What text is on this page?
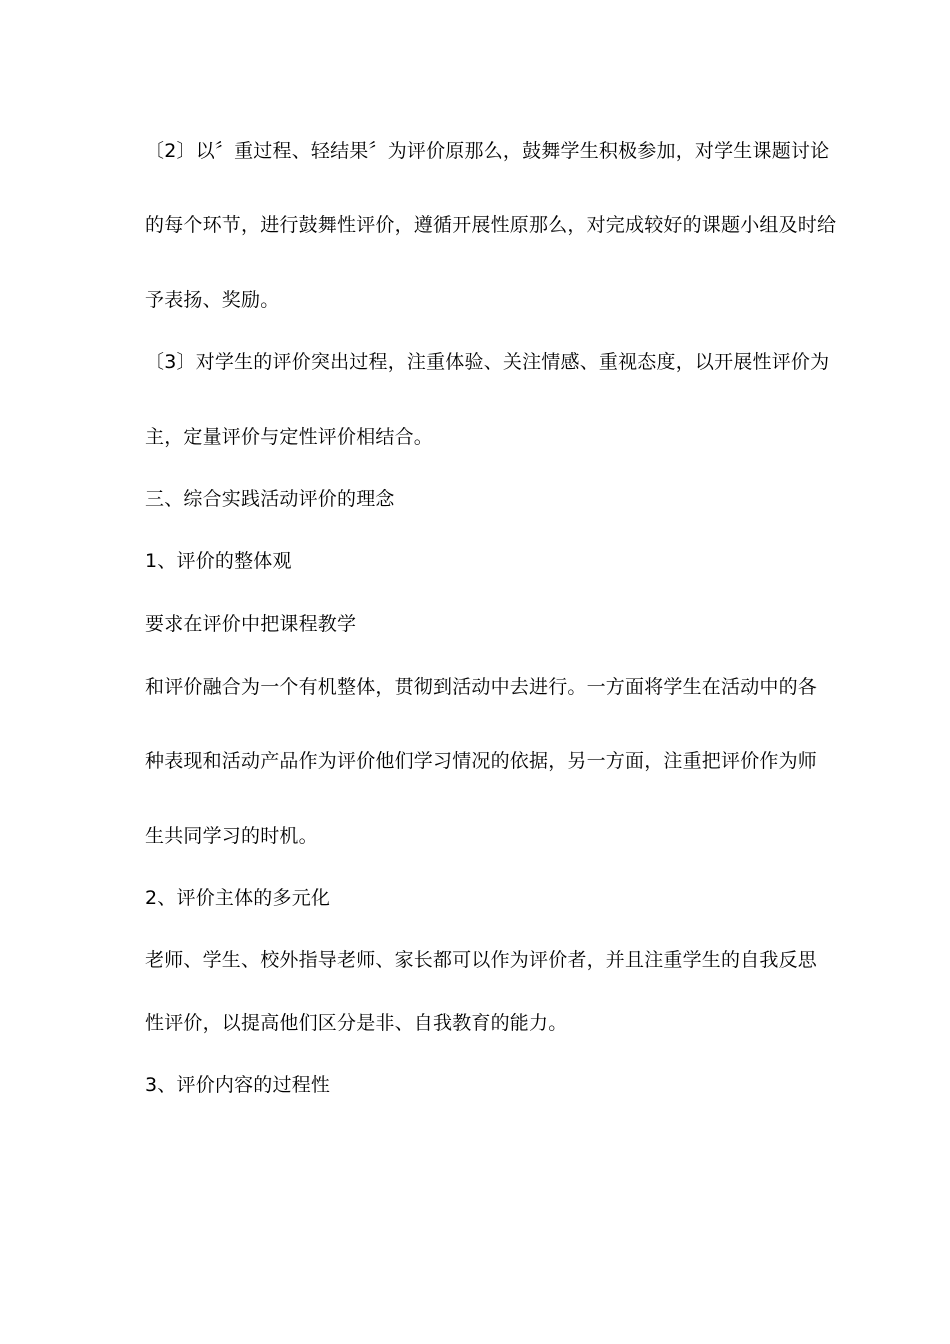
〔2〕以〞重过程、轻结果〞为评价原那么，鼓舞学生积极参加，对学生课题讨论
的每个环节，进行鼓舞性评价，遵循开展性原那么，对完成较好的课题小组及时给
予表扬、奖励。
〔3〕对学生的评价突出过程，注重体验、关注情感、重视态度，以开展性评价为
主，定量评价与定性评价相结合。
三、综合实践活动评价的理念
1、评价的整体观
要求在评价中把课程教学
和评价融合为一个有机整体，贯彻到活动中去进行。一方面将学生在活动中的各
种表现和活动产品作为评价他们学习情况的依据，另一方面，注重把评价作为师
生共同学习的时机。
2、评价主体的多元化
老师、学生、校外指导老师、家长都可以作为评价者，并且注重学生的自我反思
性评价，以提高他们区分是非、自我教育的能力。
3、评价内容的过程性
